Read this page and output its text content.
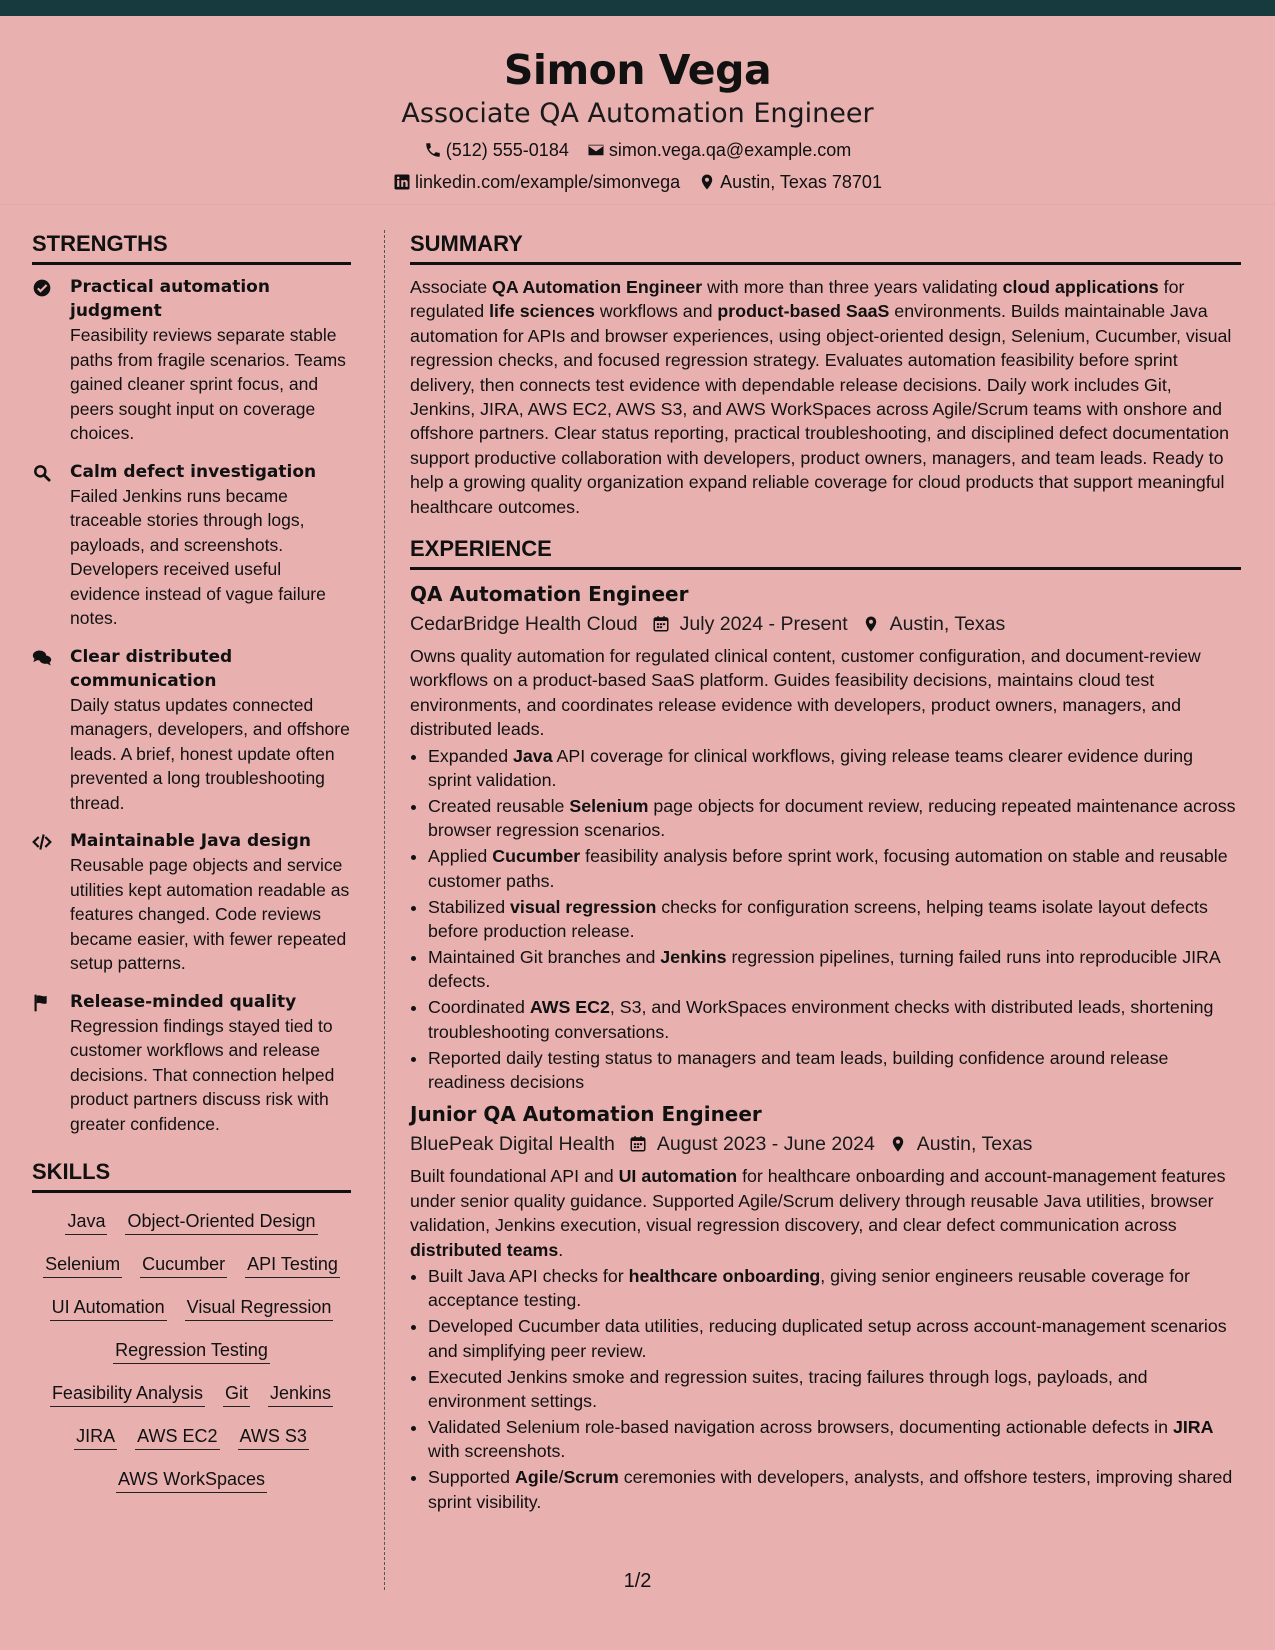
Simon Vega
Associate QA Automation Engineer
(512) 555-0184 simon.vega.qa@example.com
linkedin.com/example/simonvega Austin, Texas 78701
STRENGTHS
Practical automation judgment
Feasibility reviews separate stable paths from fragile scenarios. Teams gained cleaner sprint focus, and peers sought input on coverage choices.
Calm defect investigation
Failed Jenkins runs became traceable stories through logs, payloads, and screenshots. Developers received useful evidence instead of vague failure notes.
Clear distributed communication
Daily status updates connected managers, developers, and offshore leads. A brief, honest update often prevented a long troubleshooting thread.
Maintainable Java design
Reusable page objects and service utilities kept automation readable as features changed. Code reviews became easier, with fewer repeated setup patterns.
Release-minded quality
Regression findings stayed tied to customer workflows and release decisions. That connection helped product partners discuss risk with greater confidence.
SKILLS
Java Object-Oriented Design
Selenium Cucumber API Testing
UI Automation Visual Regression
Regression Testing
Feasibility Analysis Git Jenkins
JIRA AWS EC2 AWS S3
AWS WorkSpaces
SUMMARY
Associate QA Automation Engineer with more than three years validating cloud applications for regulated life sciences workflows and product-based SaaS environments. Builds maintainable Java automation for APIs and browser experiences, using object-oriented design, Selenium, Cucumber, visual regression checks, and focused regression strategy. Evaluates automation feasibility before sprint delivery, then connects test evidence with dependable release decisions. Daily work includes Git, Jenkins, JIRA, AWS EC2, AWS S3, and AWS WorkSpaces across Agile/Scrum teams with onshore and offshore partners. Clear status reporting, practical troubleshooting, and disciplined defect documentation support productive collaboration with developers, product owners, managers, and team leads. Ready to help a growing quality organization expand reliable coverage for cloud products that support meaningful healthcare outcomes.
EXPERIENCE
QA Automation Engineer
CedarBridge Health Cloud July 2024 - Present Austin, Texas
Owns quality automation for regulated clinical content, customer configuration, and document-review workflows on a product-based SaaS platform. Guides feasibility decisions, maintains cloud test environments, and coordinates release evidence with developers, product owners, managers, and distributed leads.
• Expanded Java API coverage for clinical workflows, giving release teams clearer evidence during sprint validation.
• Created reusable Selenium page objects for document review, reducing repeated maintenance across browser regression scenarios.
• Applied Cucumber feasibility analysis before sprint work, focusing automation on stable and reusable customer paths.
• Stabilized visual regression checks for configuration screens, helping teams isolate layout defects before production release.
• Maintained Git branches and Jenkins regression pipelines, turning failed runs into reproducible JIRA defects.
• Coordinated AWS EC2, S3, and WorkSpaces environment checks with distributed leads, shortening troubleshooting conversations.
• Reported daily testing status to managers and team leads, building confidence around release readiness decisions
Junior QA Automation Engineer
BluePeak Digital Health August 2023 - June 2024 Austin, Texas
Built foundational API and UI automation for healthcare onboarding and account-management features under senior quality guidance. Supported Agile/Scrum delivery through reusable Java utilities, browser validation, Jenkins execution, visual regression discovery, and clear defect communication across distributed teams.
• Built Java API checks for healthcare onboarding, giving senior engineers reusable coverage for acceptance testing.
• Developed Cucumber data utilities, reducing duplicated setup across account-management scenarios and simplifying peer review.
• Executed Jenkins smoke and regression suites, tracing failures through logs, payloads, and environment settings.
• Validated Selenium role-based navigation across browsers, documenting actionable defects in JIRA with screenshots.
• Supported Agile/Scrum ceremonies with developers, analysts, and offshore testers, improving shared sprint visibility.
1/2
